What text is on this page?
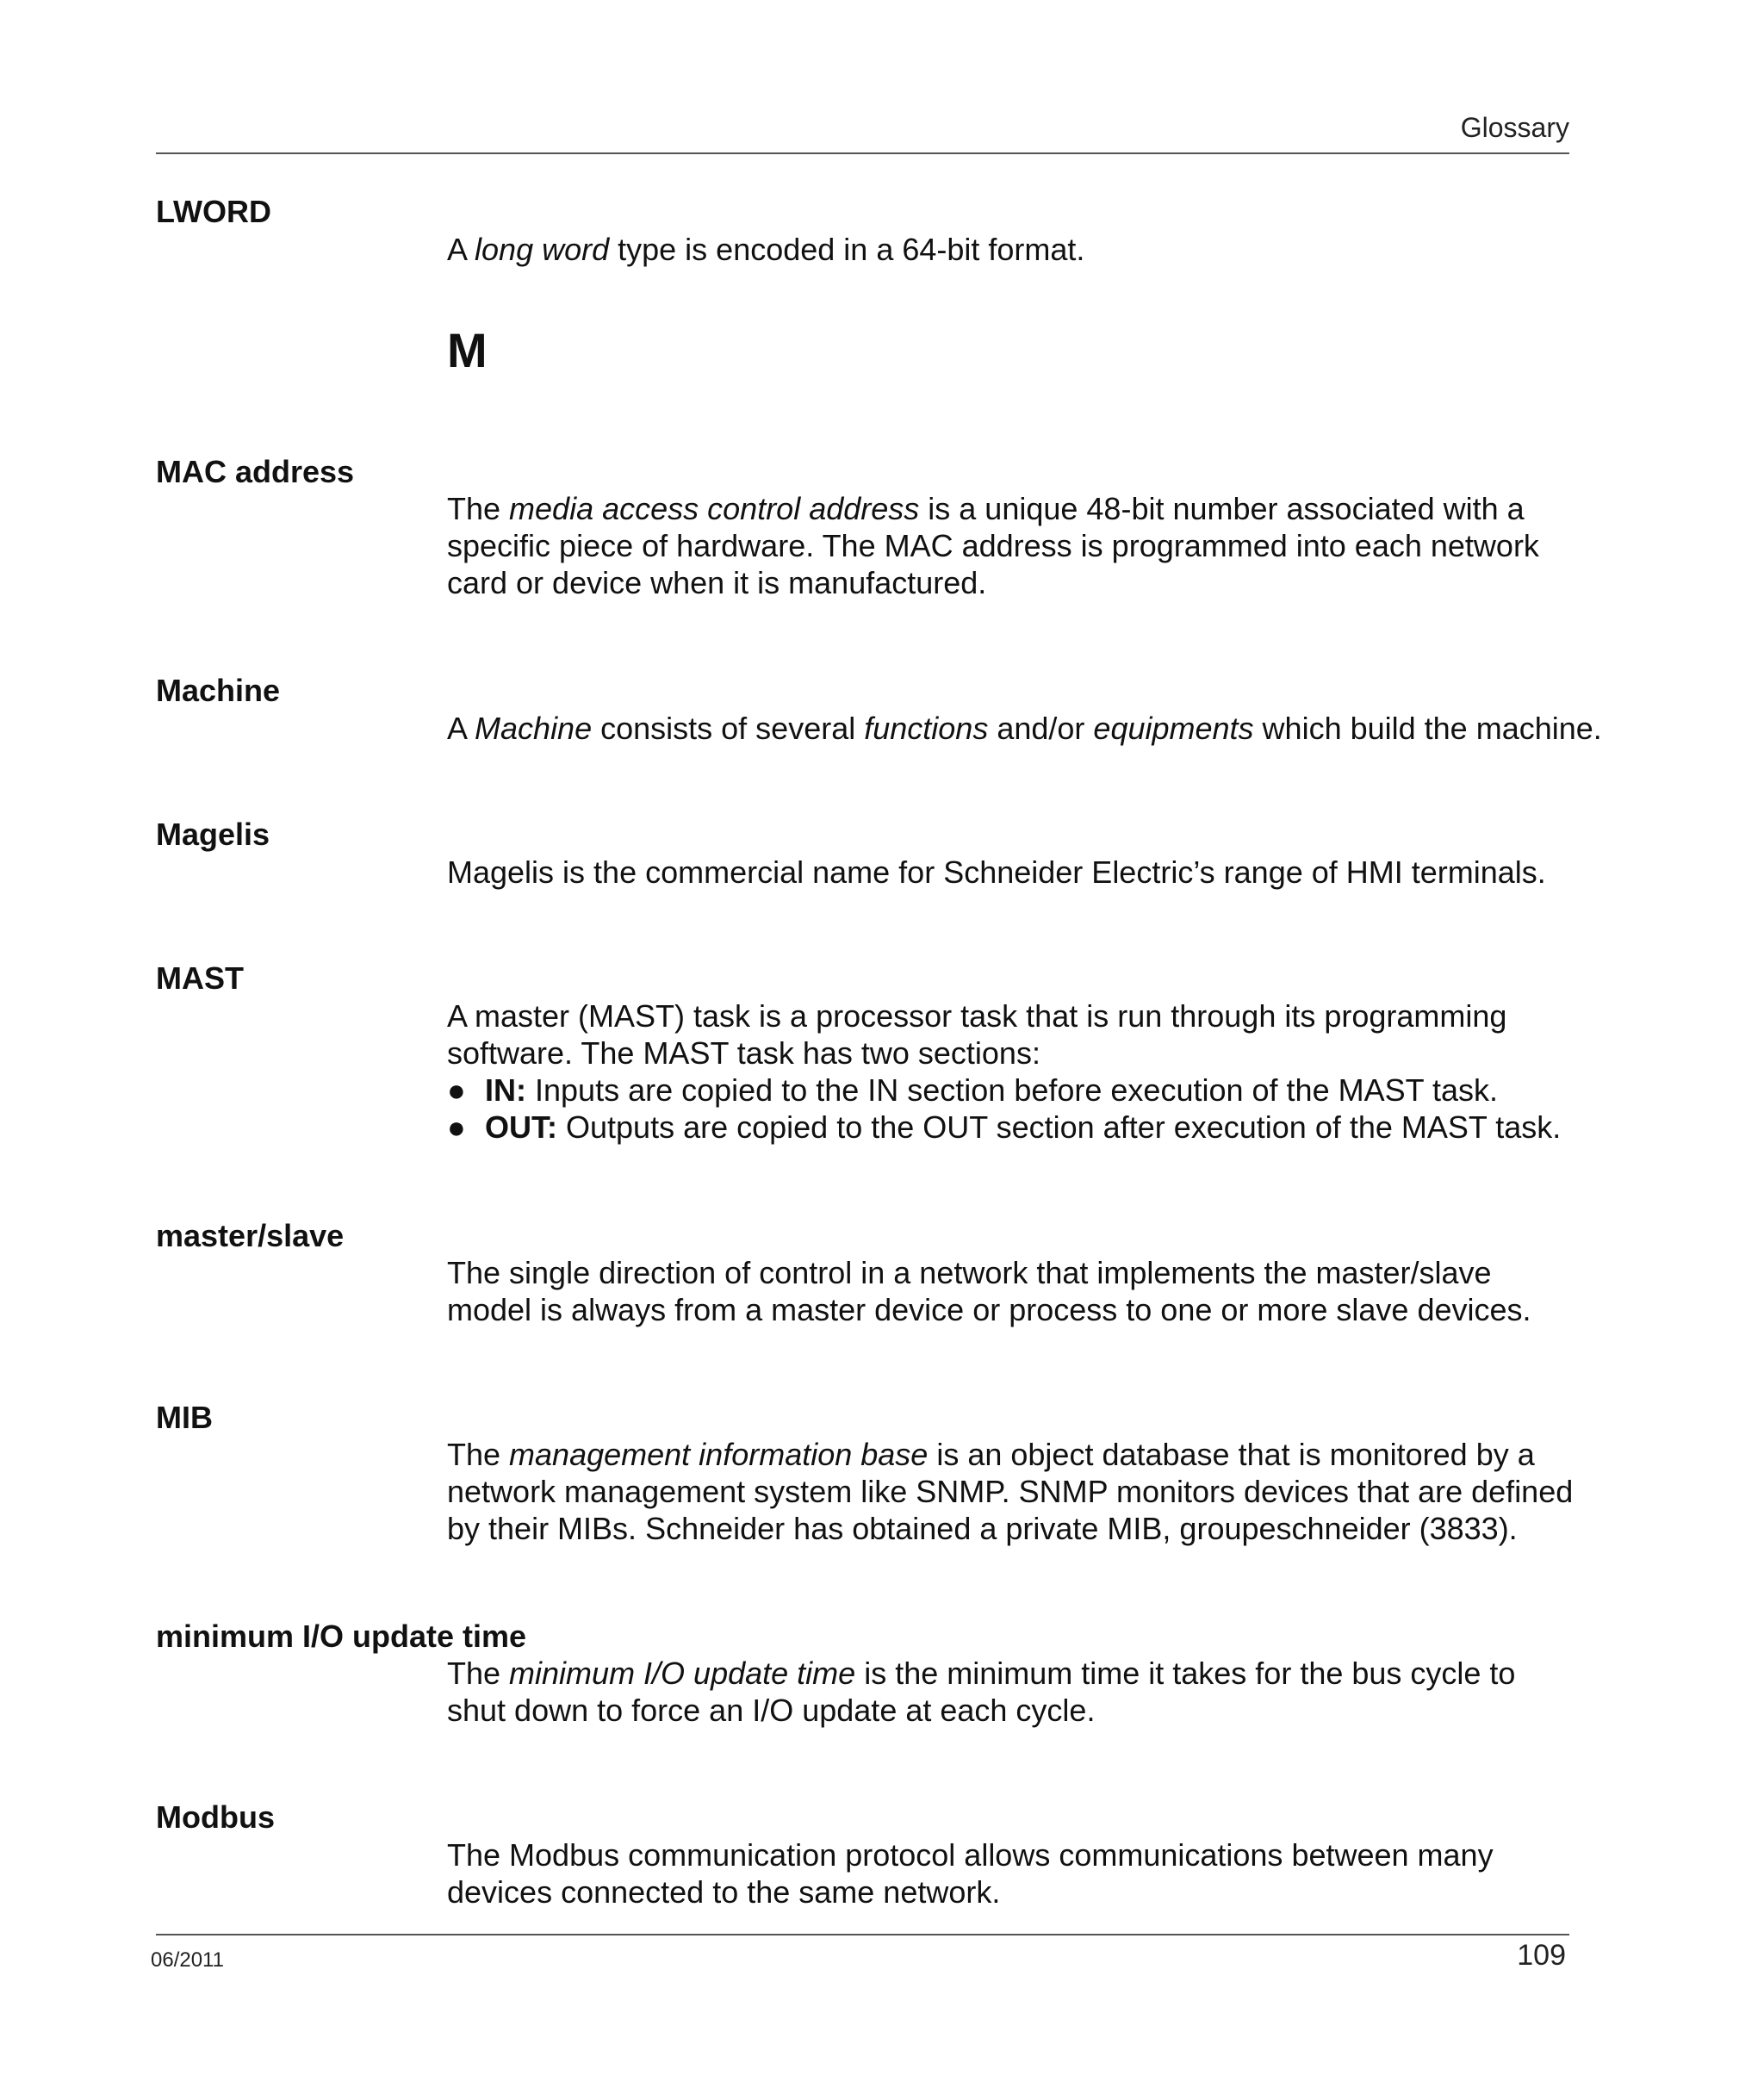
Glossary
LWORD

A long word type is encoded in a 64-bit format.

M
MAC address

The media access control address is a unique 48-bit number associated with a specific piece of hardware. The MAC address is programmed into each network card or device when it is manufactured.

Machine

A Machine consists of several functions and/or equipments which build the machine.

Magelis

Magelis is the commercial name for Schneider Electric’s range of HMI terminals.

MAST

A master (MAST) task is a processor task that is run through its programming software. The MAST task has two sections:

● IN: Inputs are copied to the IN section before execution of the MAST task.
● OUT: Outputs are copied to the OUT section after execution of the MAST task.
master/slave

The single direction of control in a network that implements the master/slave model is always from a master device or process to one or more slave devices.

MIB

The management information base is an object database that is monitored by a network management system like SNMP. SNMP monitors devices that are defined by their MIBs. Schneider has obtained a private MIB, groupeschneider (3833).

minimum I/O update time

The minimum I/O update time is the minimum time it takes for the bus cycle to shut down to force an I/O update at each cycle.

Modbus

The Modbus communication protocol allows communications between many devices connected to the same network.

06/2011	109
